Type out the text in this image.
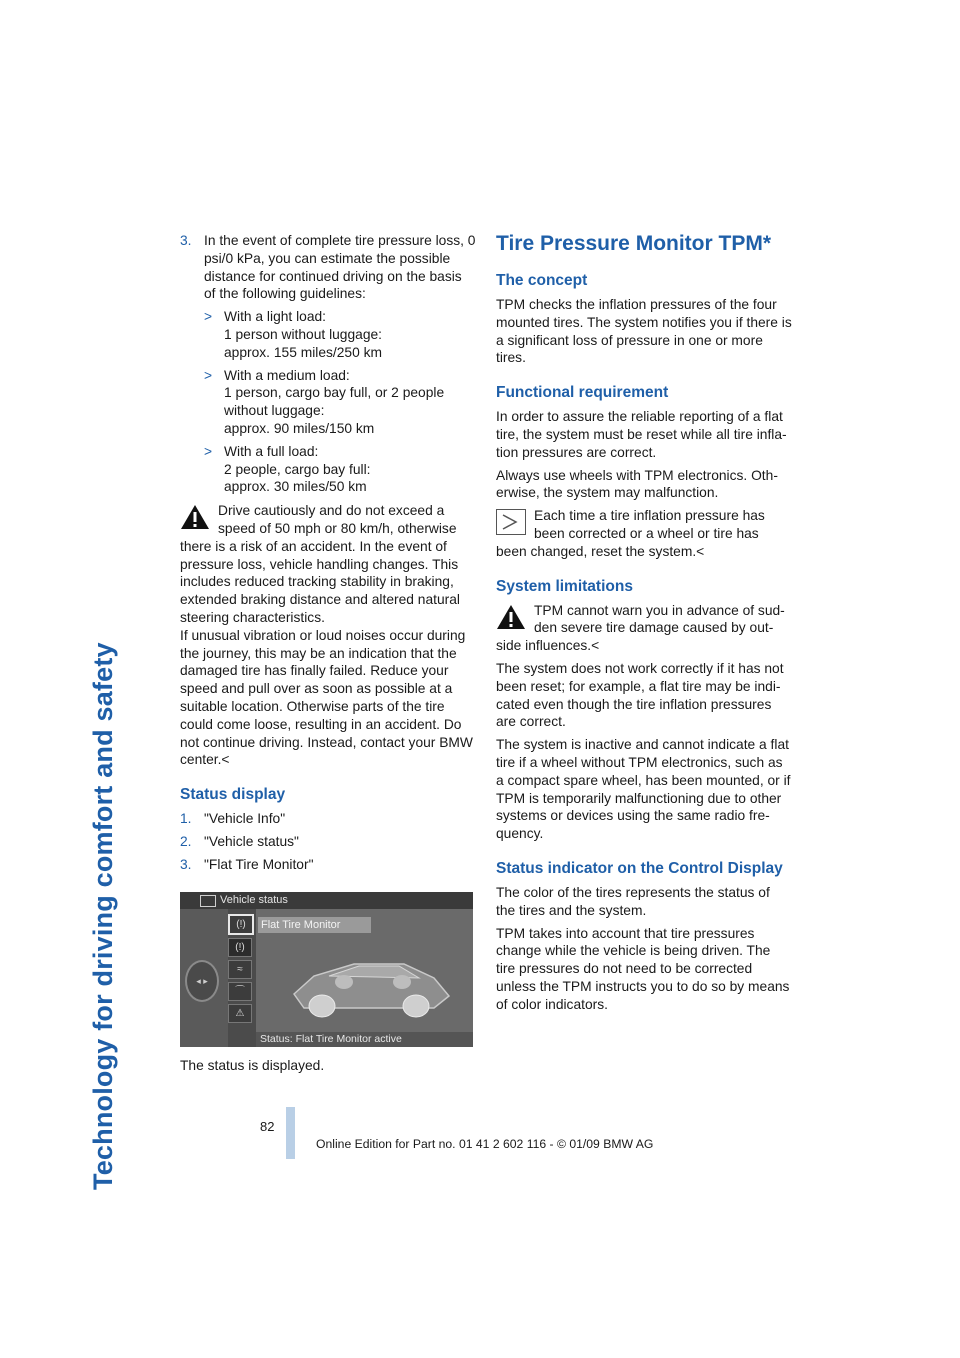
Technology for driving comfort and safety
3. In the event of complete tire pressure loss, 0 psi/0 kPa, you can estimate the possible distance for continued driving on the basis of the following guidelines:

> With a light load:
1 person without luggage:
approx. 155 miles/250 km
> With a medium load:
1 person, cargo bay full, or 2 people without luggage:
approx. 90 miles/150 km
> With a full load:
2 people, cargo bay full:
approx. 30 miles/50 km

Drive cautiously and do not exceed a speed of 50 mph or 80 km/h, otherwise there is a risk of an accident. In the event of pressure loss, vehicle handling changes. This includes reduced tracking stability in braking, extended braking distance and altered natural steering characteristics.
If unusual vibration or loud noises occur during the journey, this may be an indication that the damaged tire has finally failed. Reduce your speed and pull over as soon as possible at a suitable location. Otherwise parts of the tire could come loose, resulting in an accident. Do not continue driving. Instead, contact your BMW center.<

Status display
1. "Vehicle Info"

2. "Vehicle status"

3. "Flat Tire Monitor"

Vehicle status
◂ ▸
(!)
(!)
≈
⌒
⚠
Flat Tire Monitor
Status: Flat Tire Monitor active

The status is displayed.

Tire Pressure Monitor TPM*
The concept

TPM checks the inflation pressures of the four mounted tires. The system notifies you if there is a significant loss of pressure in one or more tires.

Functional requirement

In order to assure the reliable reporting of a flat tire, the system must be reset while all tire infla-tion pressures are correct.

Always use wheels with TPM electronics. Oth-erwise, the system may malfunction.

Each time a tire inflation pressure has been corrected or a wheel or tire has been changed, reset the system.<

System limitations

TPM cannot warn you in advance of sud-den severe tire damage caused by out-side influences.<

The system does not work correctly if it has not been reset; for example, a flat tire may be indi-cated even though the tire inflation pressures are correct.

The system is inactive and cannot indicate a flat tire if a wheel without TPM electronics, such as a compact spare wheel, has been mounted, or if TPM is temporarily malfunctioning due to other systems or devices using the same radio fre-quency.

Status indicator on the Control Display

The color of the tires represents the status of the tires and the system.

TPM takes into account that tire pressures change while the vehicle is being driven. The tire pressures do not need to be corrected unless the TPM instructs you to do so by means of color indicators.

82
Online Edition for Part no. 01 41 2 602 116 - © 01/09 BMW AG
